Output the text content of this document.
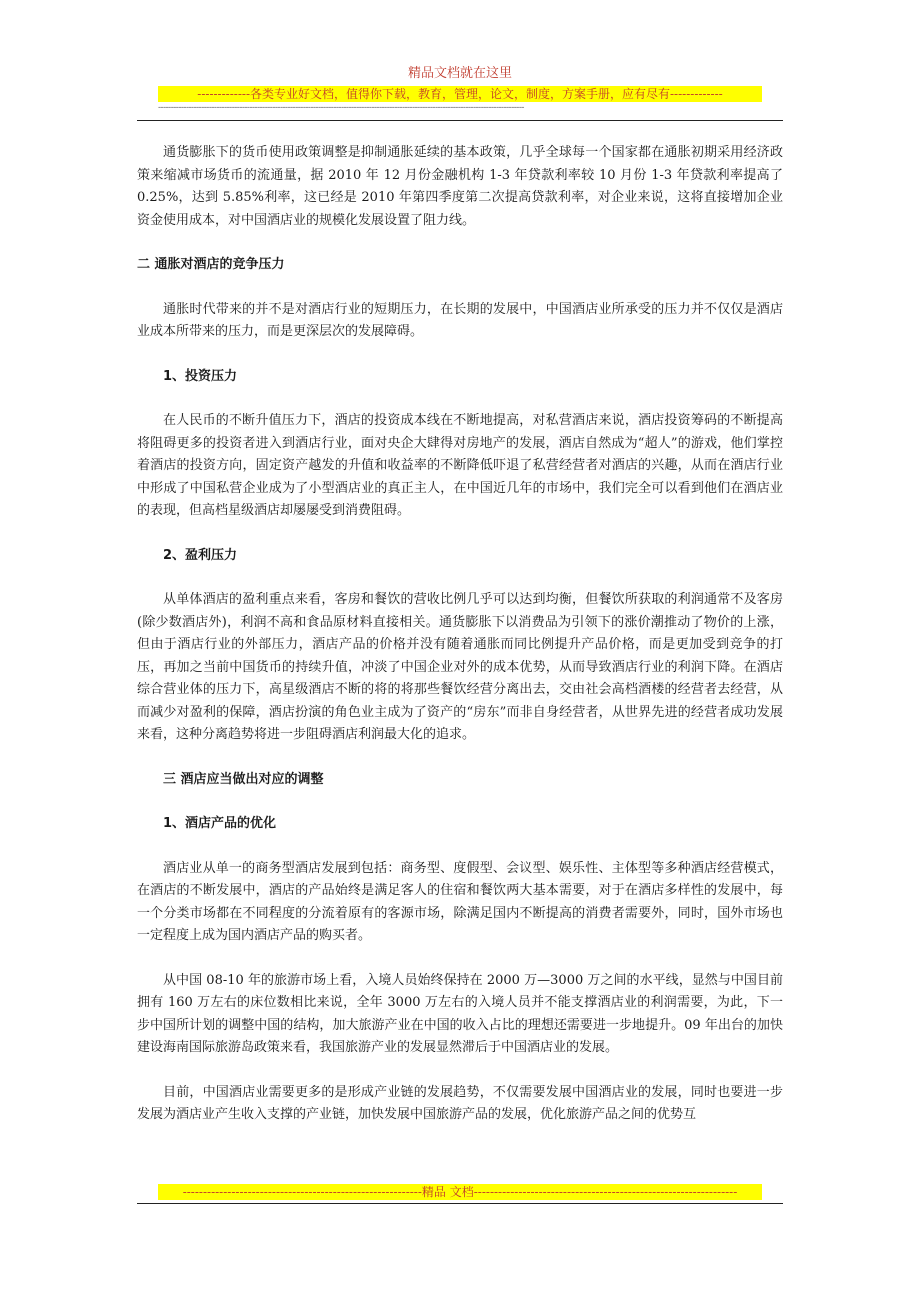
精品文档就在这里
-------------各类专业好文档，值得你下载，教育，管理，论文，制度，方案手册，应有尽有-------------
------------------------------------------------------------------------------------------------------------------------------------------------

通货膨胀下的货币使用政策调整是抑制通胀延续的基本政策，几乎全球每一个国家都在通胀初期采用经济政策来缩减市场货币的流通量，据 2010 年 12 月份金融机构 1-3 年贷款利率较 10 月份 1-3 年贷款利率提高了 0.25%，达到 5.85%利率，这已经是 2010 年第四季度第二次提高贷款利率，对企业来说，这将直接增加企业资金使用成本，对中国酒店业的规模化发展设置了阻力线。

二 通胀对酒店的竞争压力

通胀时代带来的并不是对酒店行业的短期压力，在长期的发展中，中国酒店业所承受的压力并不仅仅是酒店业成本所带来的压力，而是更深层次的发展障碍。

1、投资压力

在人民币的不断升值压力下，酒店的投资成本线在不断地提高，对私营酒店来说，酒店投资筹码的不断提高将阻碍更多的投资者进入到酒店行业，面对央企大肆得对房地产的发展，酒店自然成为“超人”的游戏，他们掌控着酒店的投资方向，固定资产越发的升值和收益率的不断降低吓退了私营经营者对酒店的兴趣，从而在酒店行业中形成了中国私营企业成为了小型酒店业的真正主人，在中国近几年的市场中，我们完全可以看到他们在酒店业的表现，但高档星级酒店却屡屡受到消费阻碍。

2、盈利压力

从单体酒店的盈利重点来看，客房和餐饮的营收比例几乎可以达到均衡，但餐饮所获取的利润通常不及客房(除少数酒店外)，利润不高和食品原材料直接相关。通货膨胀下以消费品为引领下的涨价潮推动了物价的上涨，但由于酒店行业的外部压力，酒店产品的价格并没有随着通胀而同比例提升产品价格，而是更加受到竞争的打压，再加之当前中国货币的持续升值，冲淡了中国企业对外的成本优势，从而导致酒店行业的利润下降。在酒店综合营业体的压力下，高星级酒店不断的将的将那些餐饮经营分离出去，交由社会高档酒楼的经营者去经营，从而减少对盈利的保障，酒店扮演的角色业主成为了资产的“房东”而非自身经营者，从世界先进的经营者成功发展来看，这种分离趋势将进一步阻碍酒店利润最大化的追求。

三 酒店应当做出对应的调整
1、酒店产品的优化

酒店业从单一的商务型酒店发展到包括：商务型、度假型、会议型、娱乐性、主体型等多种酒店经营模式，在酒店的不断发展中，酒店的产品始终是满足客人的住宿和餐饮两大基本需要，对于在酒店多样性的发展中，每一个分类市场都在不同程度的分流着原有的客源市场，除满足国内不断提高的消费者需要外，同时，国外市场也一定程度上成为国内酒店产品的购买者。

从中国 08-10 年的旅游市场上看，入境人员始终保持在 2000 万—3000 万之间的水平线，显然与中国目前拥有 160 万左右的床位数相比来说，全年 3000 万左右的入境人员并不能支撑酒店业的利润需要，为此，下一步中国所计划的调整中国的结构，加大旅游产业在中国的收入占比的理想还需要进一步地提升。09 年出台的加快建设海南国际旅游岛政策来看，我国旅游产业的发展显然滞后于中国酒店业的发展。

目前，中国酒店业需要更多的是形成产业链的发展趋势，不仅需要发展中国酒店业的发展，同时也要进一步发展为酒店业产生收入支撑的产业链，加快发展中国旅游产品的发展，优化旅游产品之间的优势互

-----------------------------------------------------------精品 文档-----------------------------------------------------------------
